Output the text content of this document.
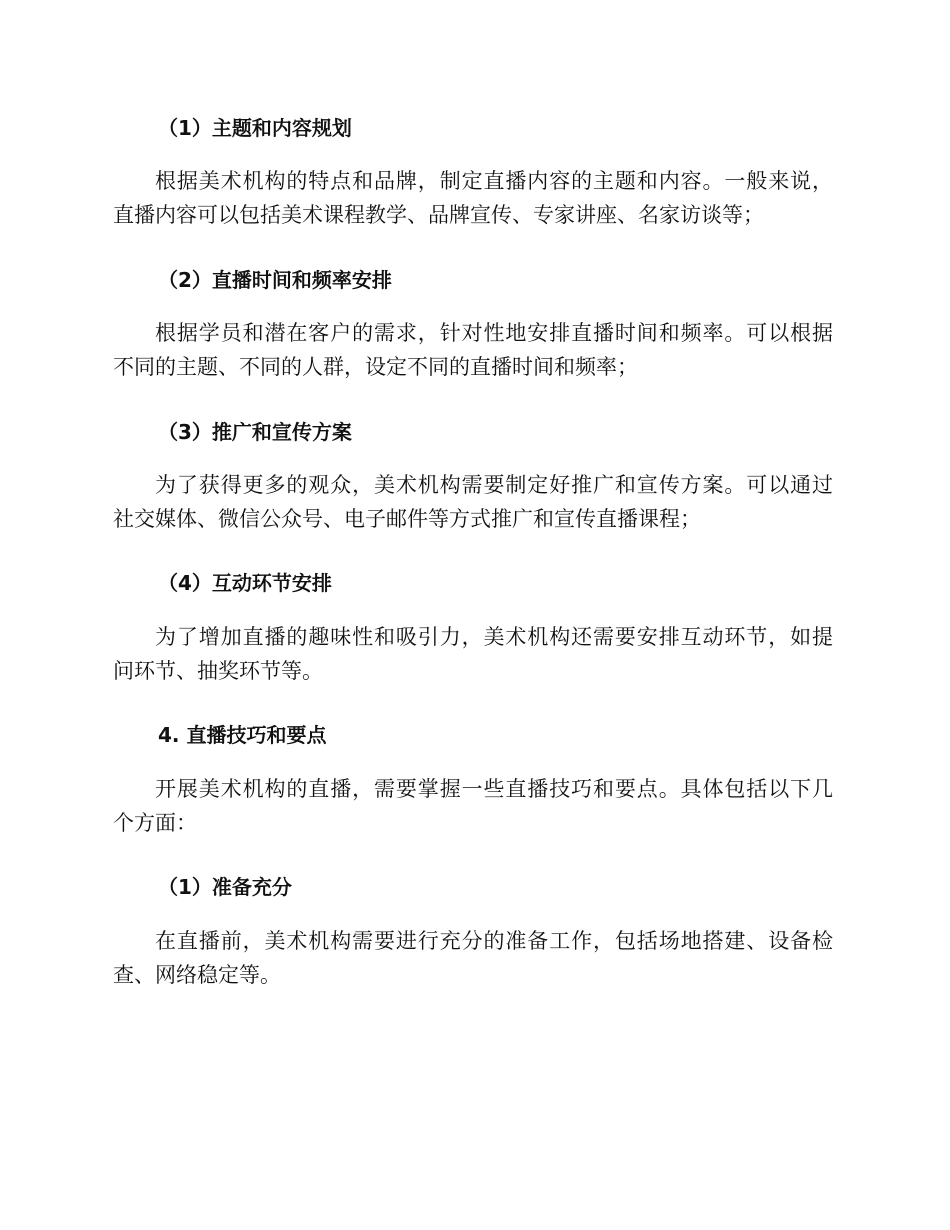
（1）主题和内容规划
根据美术机构的特点和品牌，制定直播内容的主题和内容。一般来说，
直播内容可以包括美术课程教学、品牌宣传、专家讲座、名家访谈等；
（2）直播时间和频率安排
根据学员和潜在客户的需求，针对性地安排直播时间和频率。可以根据
不同的主题、不同的人群，设定不同的直播时间和频率；
（3）推广和宣传方案
为了获得更多的观众，美术机构需要制定好推广和宣传方案。可以通过
社交媒体、微信公众号、电子邮件等方式推广和宣传直播课程；
（4）互动环节安排
为了增加直播的趣味性和吸引力，美术机构还需要安排互动环节，如提
问环节、抽奖环节等。
4. 直播技巧和要点
开展美术机构的直播，需要掌握一些直播技巧和要点。具体包括以下几
个方面：
（1）准备充分
在直播前，美术机构需要进行充分的准备工作，包括场地搭建、设备检
查、网络稳定等。
